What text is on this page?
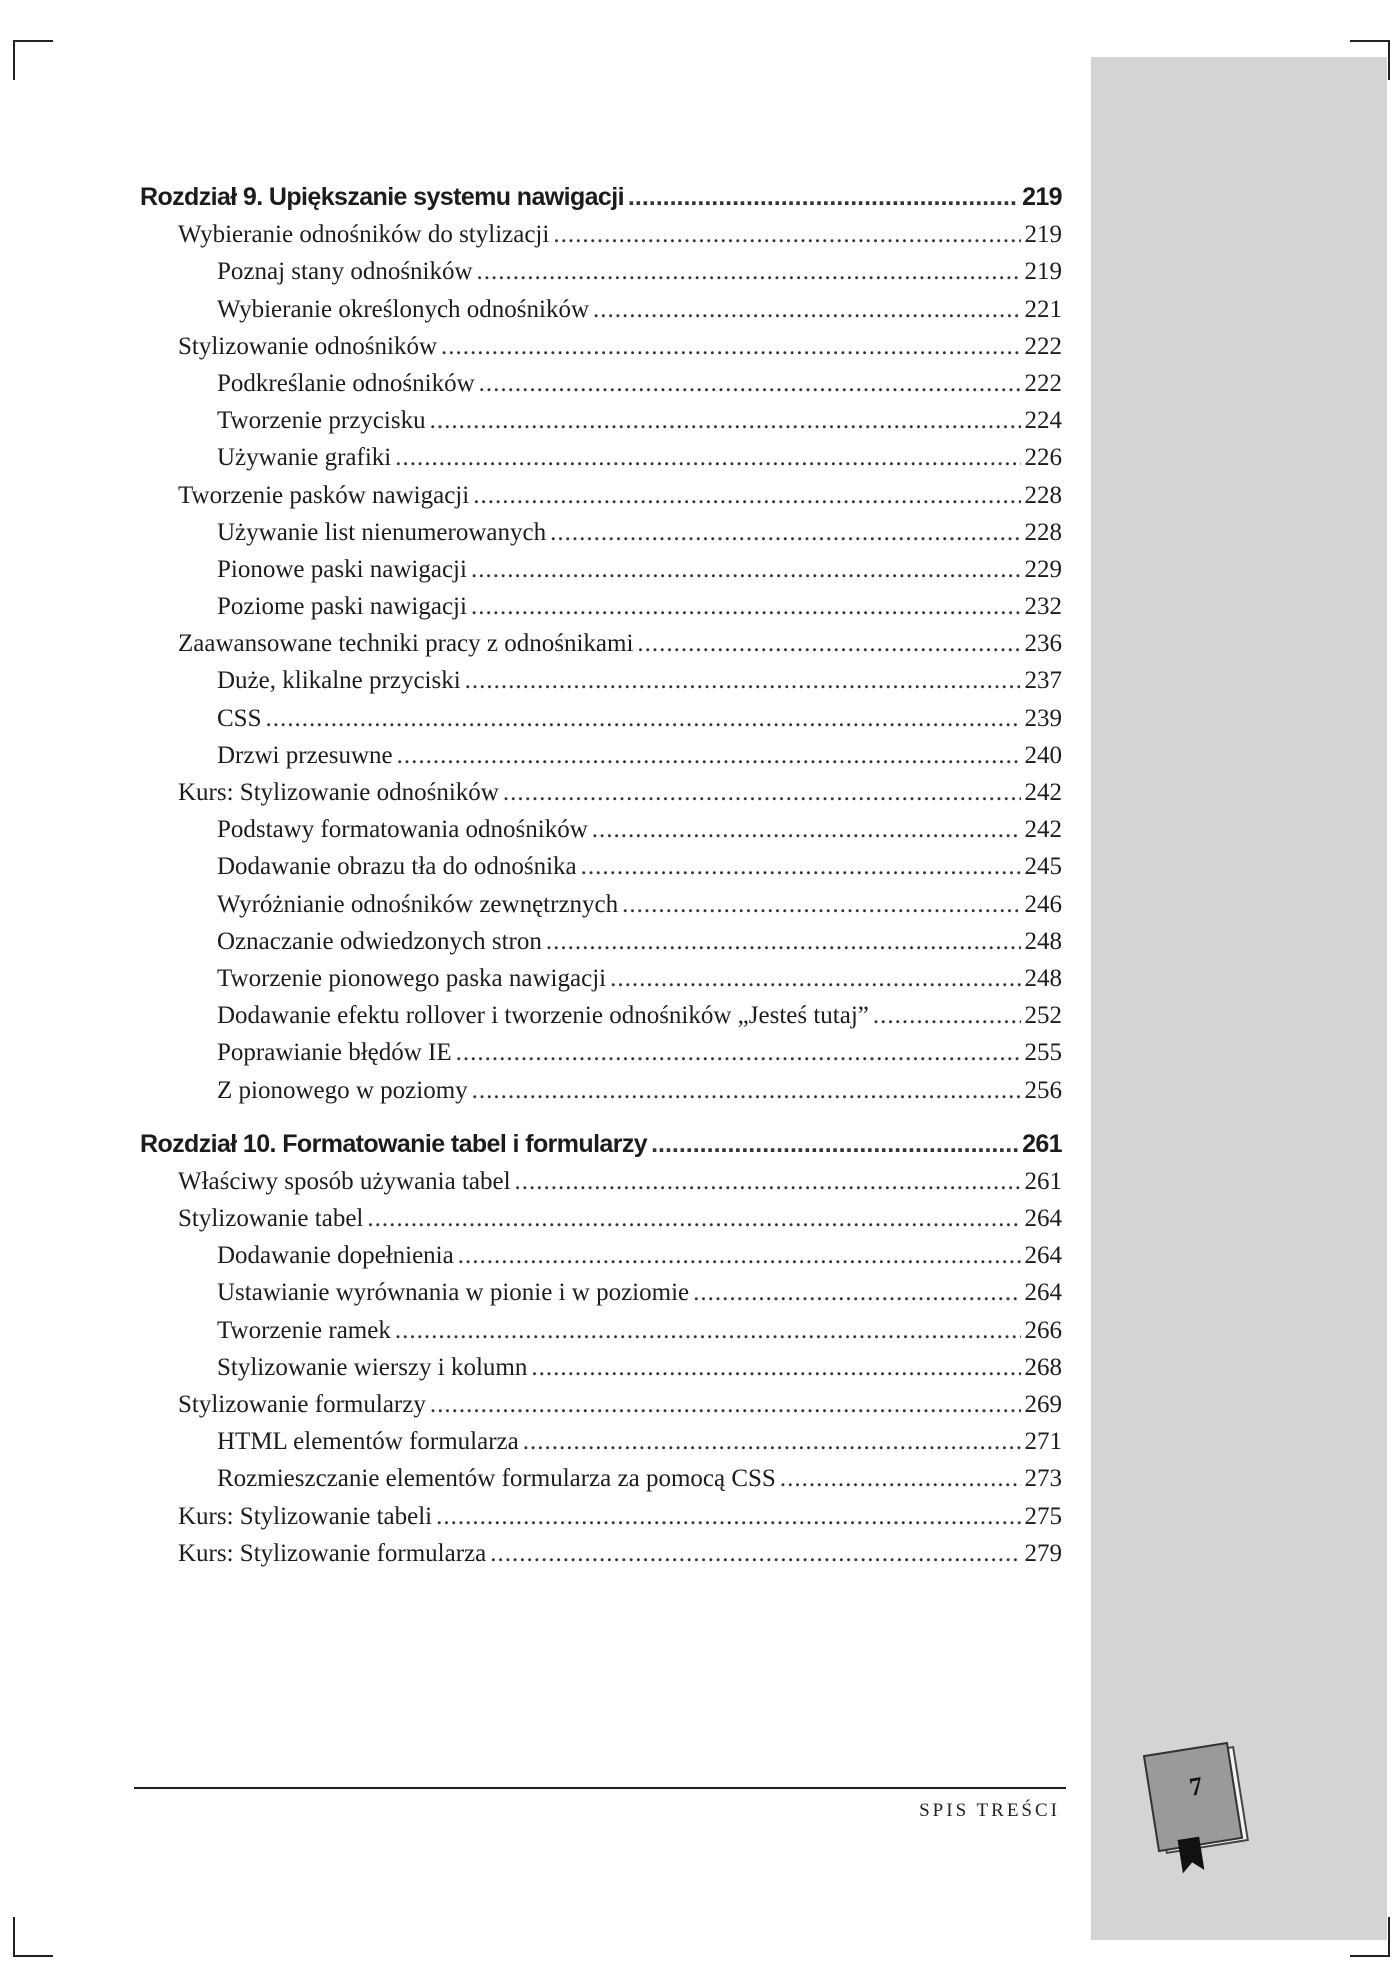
Rozdział 9. Upiększanie systemu nawigacji .....	219
Wybieranie odnośników do stylizacji .....	219
Poznaj stany odnośników .....	219
Wybieranie określonych odnośników .....	221
Stylizowanie odnośników .....	222
Podkreślanie odnośników .....	222
Tworzenie przycisku .....	224
Używanie grafiki .....	226
Tworzenie pasków nawigacji .....	228
Używanie list nienumerowanych .....	228
Pionowe paski nawigacji .....	229
Poziome paski nawigacji .....	232
Zaawansowane techniki pracy z odnośnikami .....	236
Duże, klikalne przyciski .....	237
CSS .....	239
Drzwi przesuwne .....	240
Kurs: Stylizowanie odnośników .....	242
Podstawy formatowania odnośników .....	242
Dodawanie obrazu tła do odnośnika .....	245
Wyróżnianie odnośników zewnętrznych .....	246
Oznaczanie odwiedzonych stron .....	248
Tworzenie pionowego paska nawigacji .....	248
Dodawanie efektu rollover i tworzenie odnośników „Jesteś tutaj” .....	252
Poprawianie błędów IE .....	255
Z pionowego w poziomy .....	256
Rozdział 10. Formatowanie tabel i formularzy .....	261
Właściwy sposób używania tabel .....	261
Stylizowanie tabel .....	264
Dodawanie dopełnienia .....	264
Ustawianie wyrównania w pionie i w poziomie .....	264
Tworzenie ramek .....	266
Stylizowanie wierszy i kolumn .....	268
Stylizowanie formularzy .....	269
HTML elementów formularza .....	271
Rozmieszczanie elementów formularza za pomocą CSS .....	273
Kurs: Stylizowanie tabeli .....	275
Kurs: Stylizowanie formularza .....	279
SPIS TREŚCI
7
